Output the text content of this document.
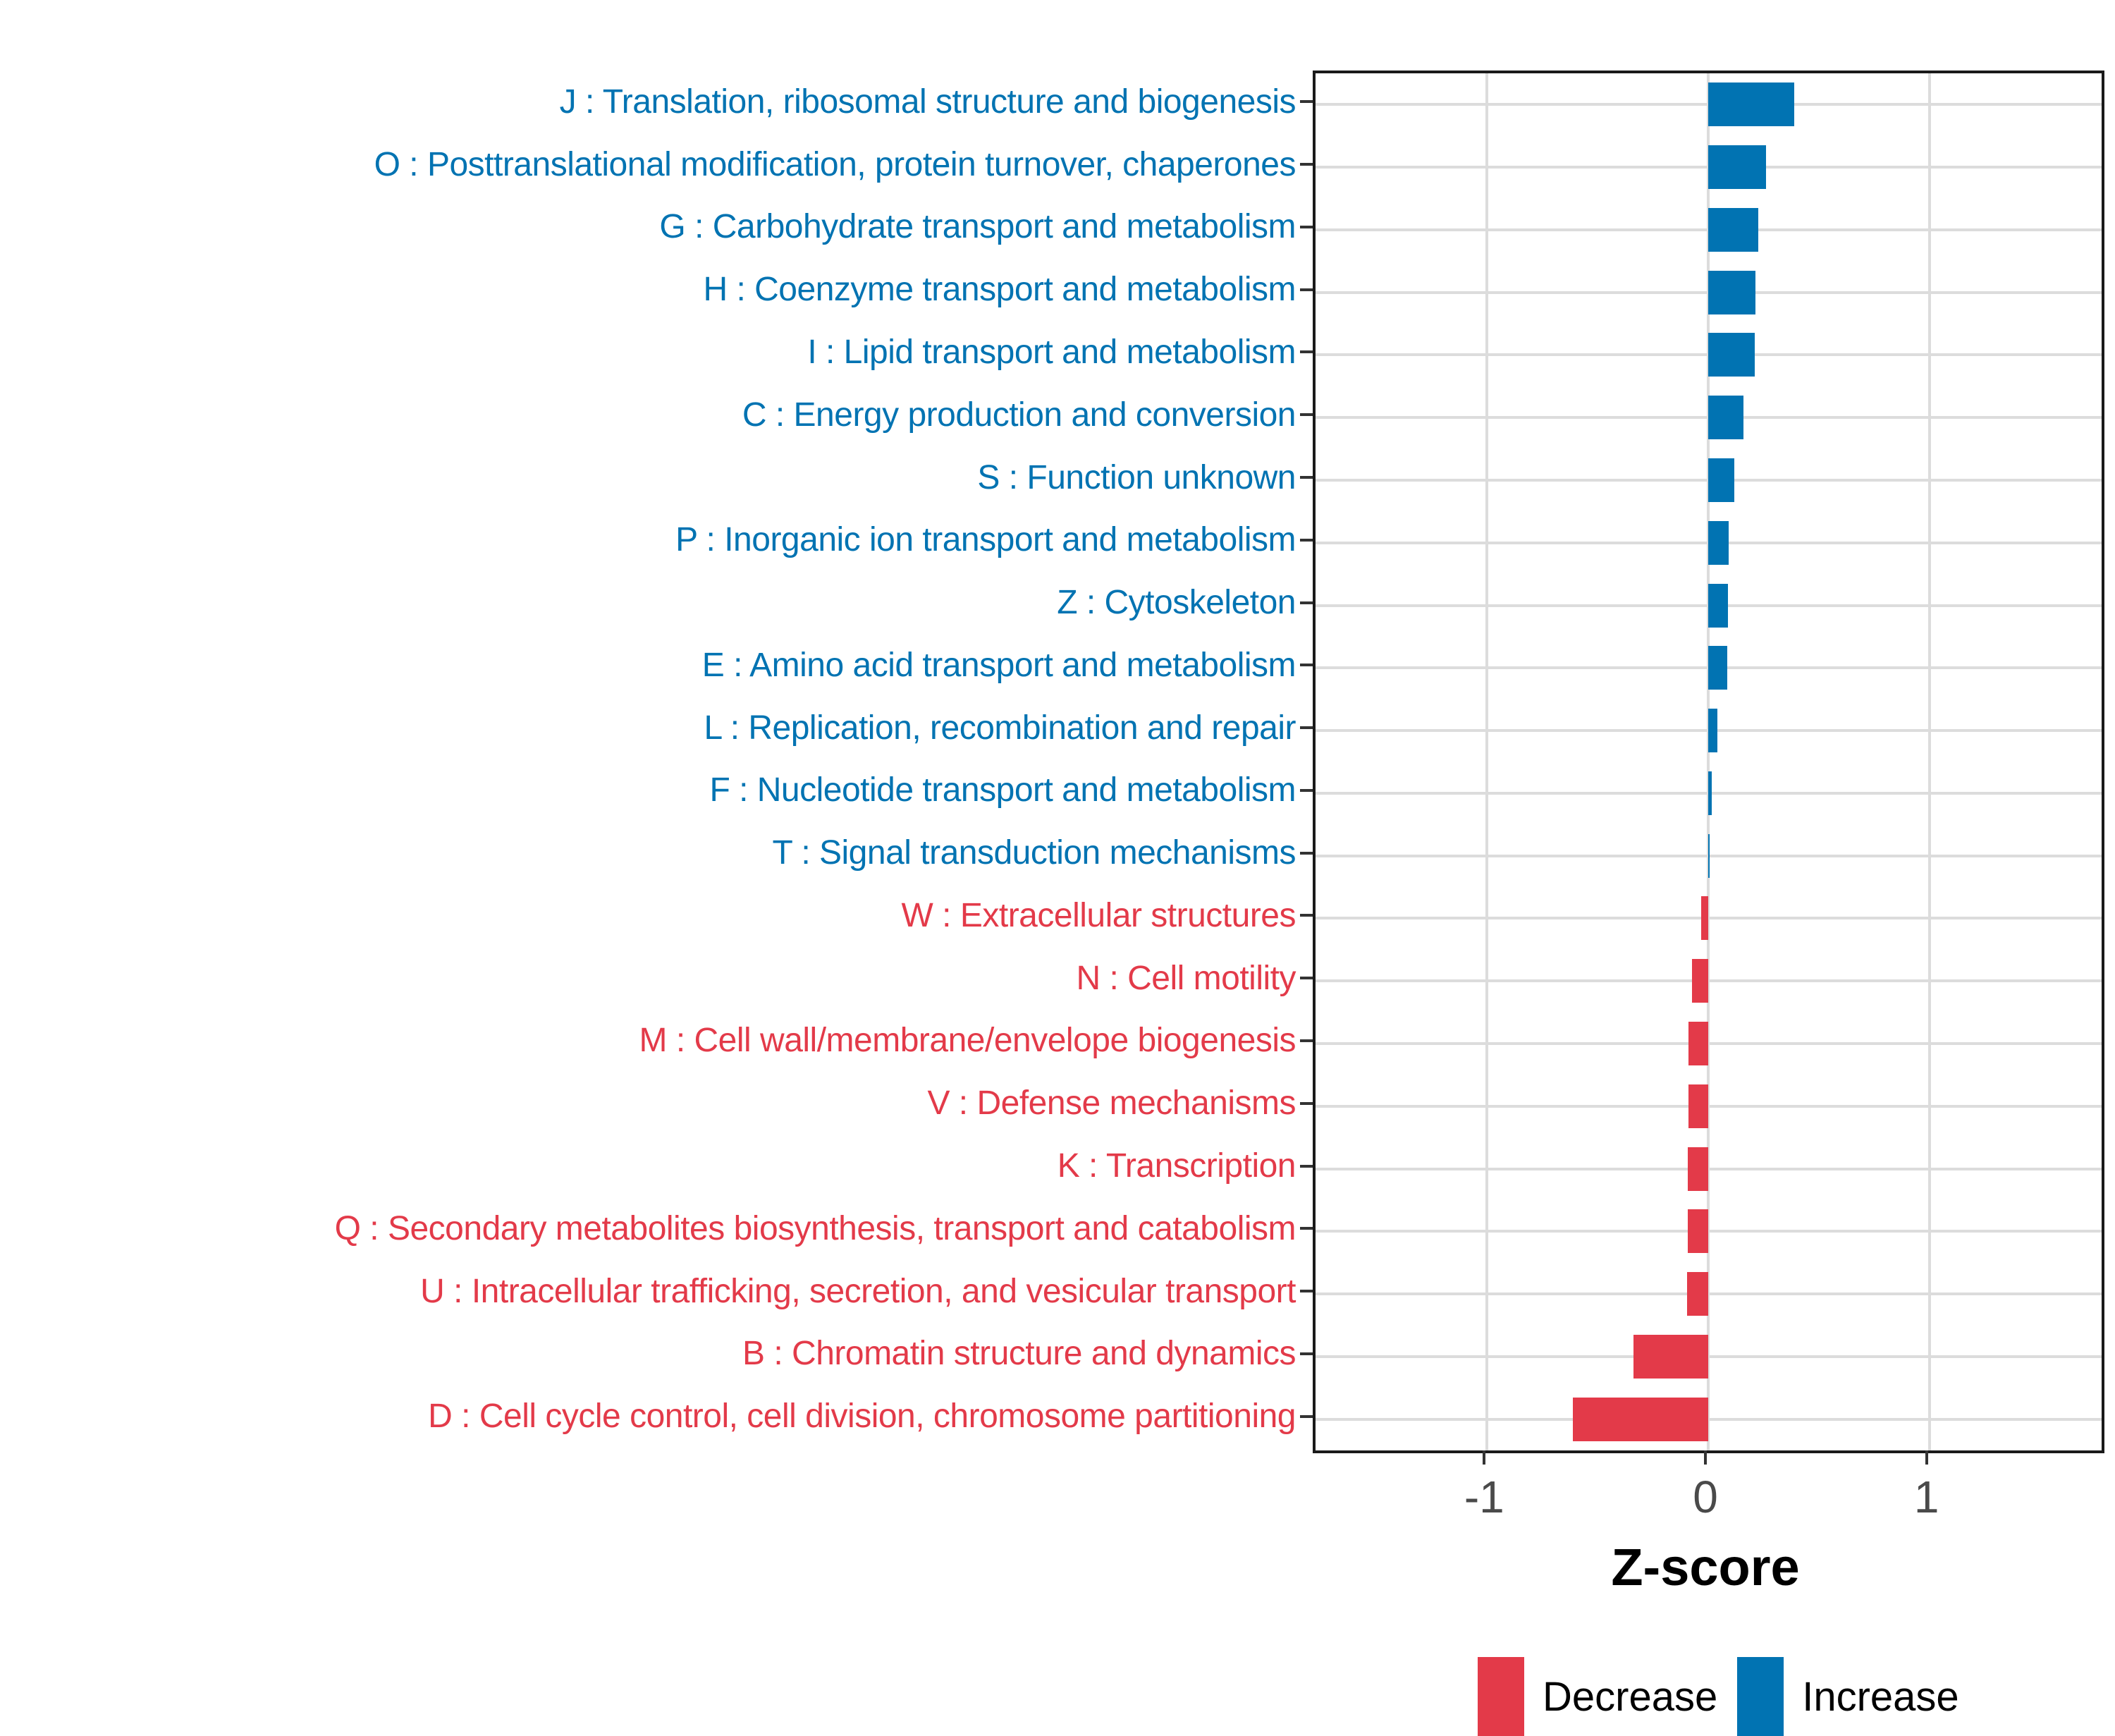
Z-score
Decrease Increase
J : Translation, ribosomal structure and biogenesis
O : Posttranslational modification, protein turnover, chaperones
G : Carbohydrate transport and metabolism
H : Coenzyme transport and metabolism
I : Lipid transport and metabolism
C : Energy production and conversion
S : Function unknown
P : Inorganic ion transport and metabolism
Z : Cytoskeleton
E : Amino acid transport and metabolism
L : Replication, recombination and repair
F : Nucleotide transport and metabolism
T : Signal transduction mechanisms
W : Extracellular structures
N : Cell motility
M : Cell wall/membrane/envelope biogenesis
V : Defense mechanisms
K : Transcription
Q : Secondary metabolites biosynthesis, transport and catabolism
U : Intracellular trafficking, secretion, and vesicular transport
B : Chromatin structure and dynamics
D : Cell cycle control, cell division, chromosome partitioning
-1	0	1
